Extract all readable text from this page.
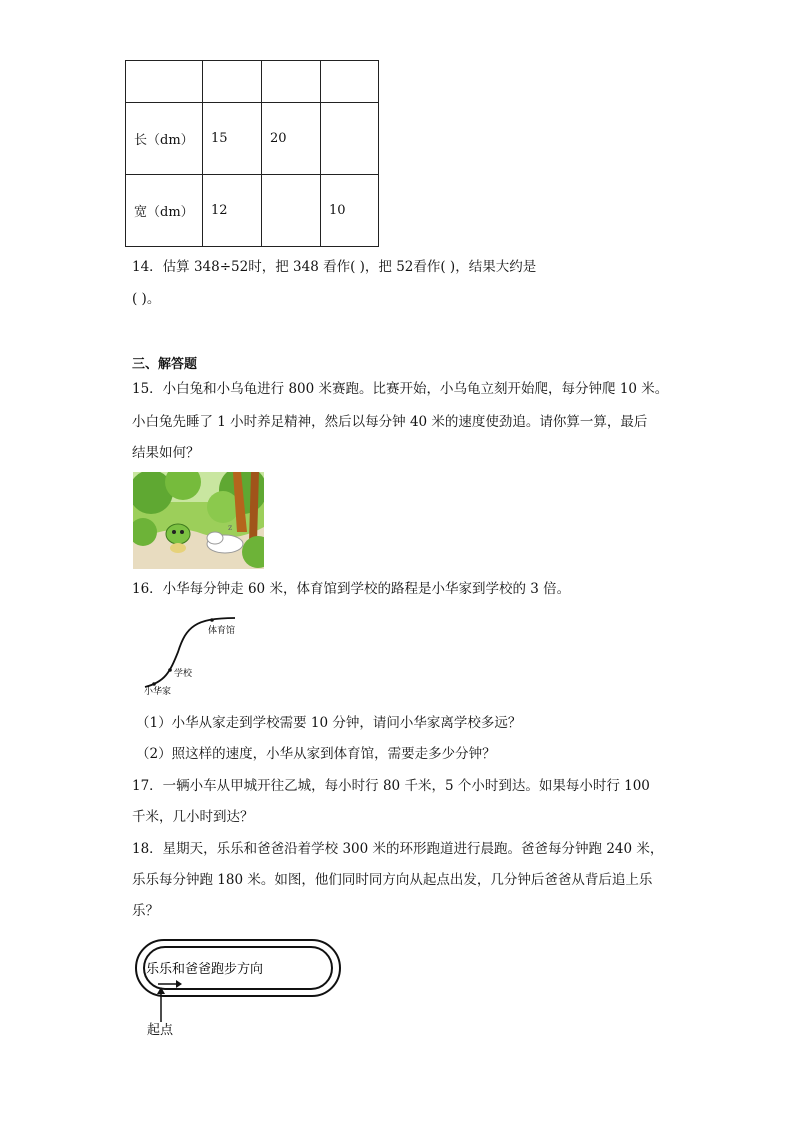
长（dm）	15	20	
宽（dm）	12		10
14．估算 348÷52时，把 348 看作( )，把 52看作( )，结果大约是
( )。
三、解答题
15．小白兔和小乌龟进行 800 米赛跑。比赛开始，小乌龟立刻开始爬，每分钟爬 10 米。
小白兔先睡了 1 小时养足精神，然后以每分钟 40 米的速度使劲追。请你算一算，最后
结果如何？
z
16．小华每分钟走 60 米，体育馆到学校的路程是小华家到学校的 3 倍。
体育馆
学校
小华家
（1）小华从家走到学校需要 10 分钟，请问小华家离学校多远？
（2）照这样的速度，小华从家到体育馆，需要走多少分钟？
17．一辆小车从甲城开往乙城，每小时行 80 千米，5 个小时到达。如果每小时行 100
千米，几小时到达？
18．星期天，乐乐和爸爸沿着学校 300 米的环形跑道进行晨跑。爸爸每分钟跑 240 米，
乐乐每分钟跑 180 米。如图，他们同时同方向从起点出发，几分钟后爸爸从背后追上乐
乐？
乐乐和爸爸跑步方向
起点
